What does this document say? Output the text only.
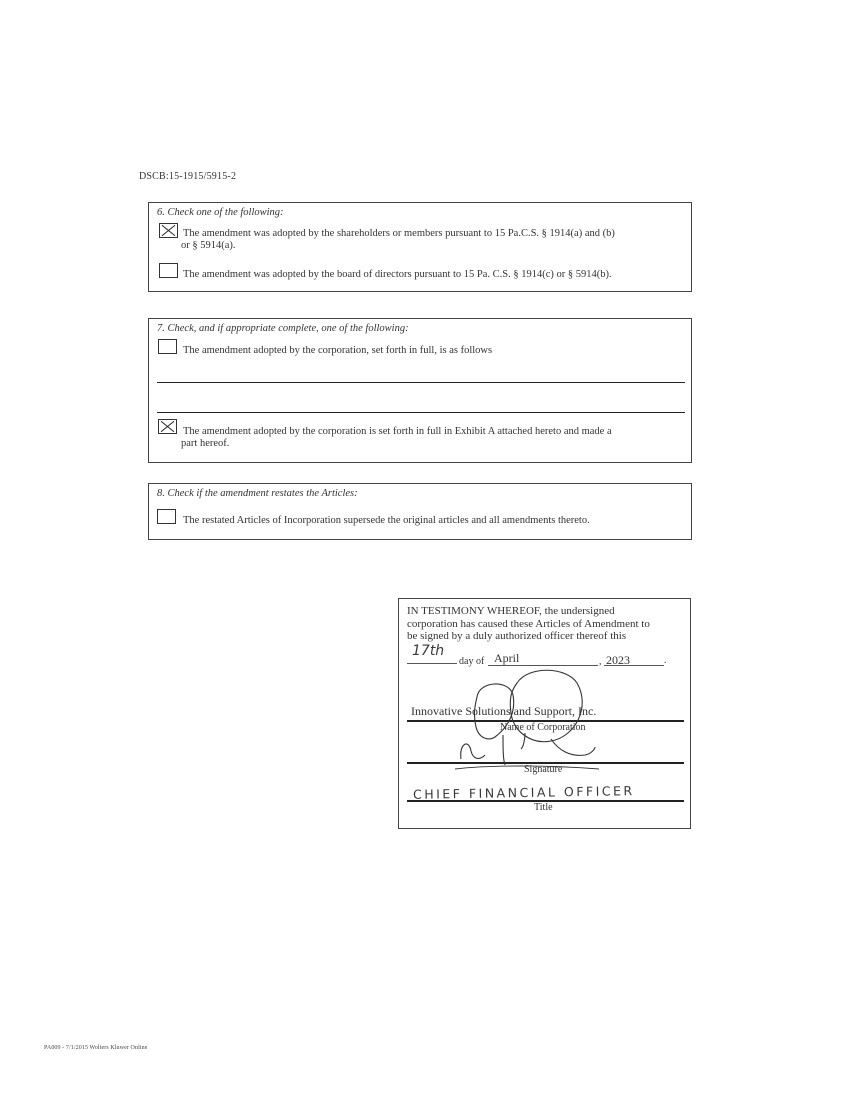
DSCB:15-1915/5915-2
6. Check one of the following:
The amendment was adopted by the shareholders or members pursuant to 15 Pa.C.S. § 1914(a) and (b)
or § 5914(a).
The amendment was adopted by the board of directors pursuant to 15 Pa. C.S. § 1914(c) or § 5914(b).
7. Check, and if appropriate complete, one of the following:
The amendment adopted by the corporation, set forth in full, is as follows
The amendment adopted by the corporation is set forth in full in Exhibit A attached hereto and made a
part hereof.
8. Check if the amendment restates the Articles:
The restated Articles of Incorporation supersede the original articles and all amendments thereto.
IN TESTIMONY WHEREOF, the undersigned
corporation has caused these Articles of Amendment to
be signed by a duly authorized officer thereof this
17th
day of April	, 2023	.
Innovative Solutions and Support, Inc.
Name of Corporation
Signature
CHIEF FINANCIAL OFFICER
Title
PA009 - 7/1/2015 Wolters Kluwer Online
